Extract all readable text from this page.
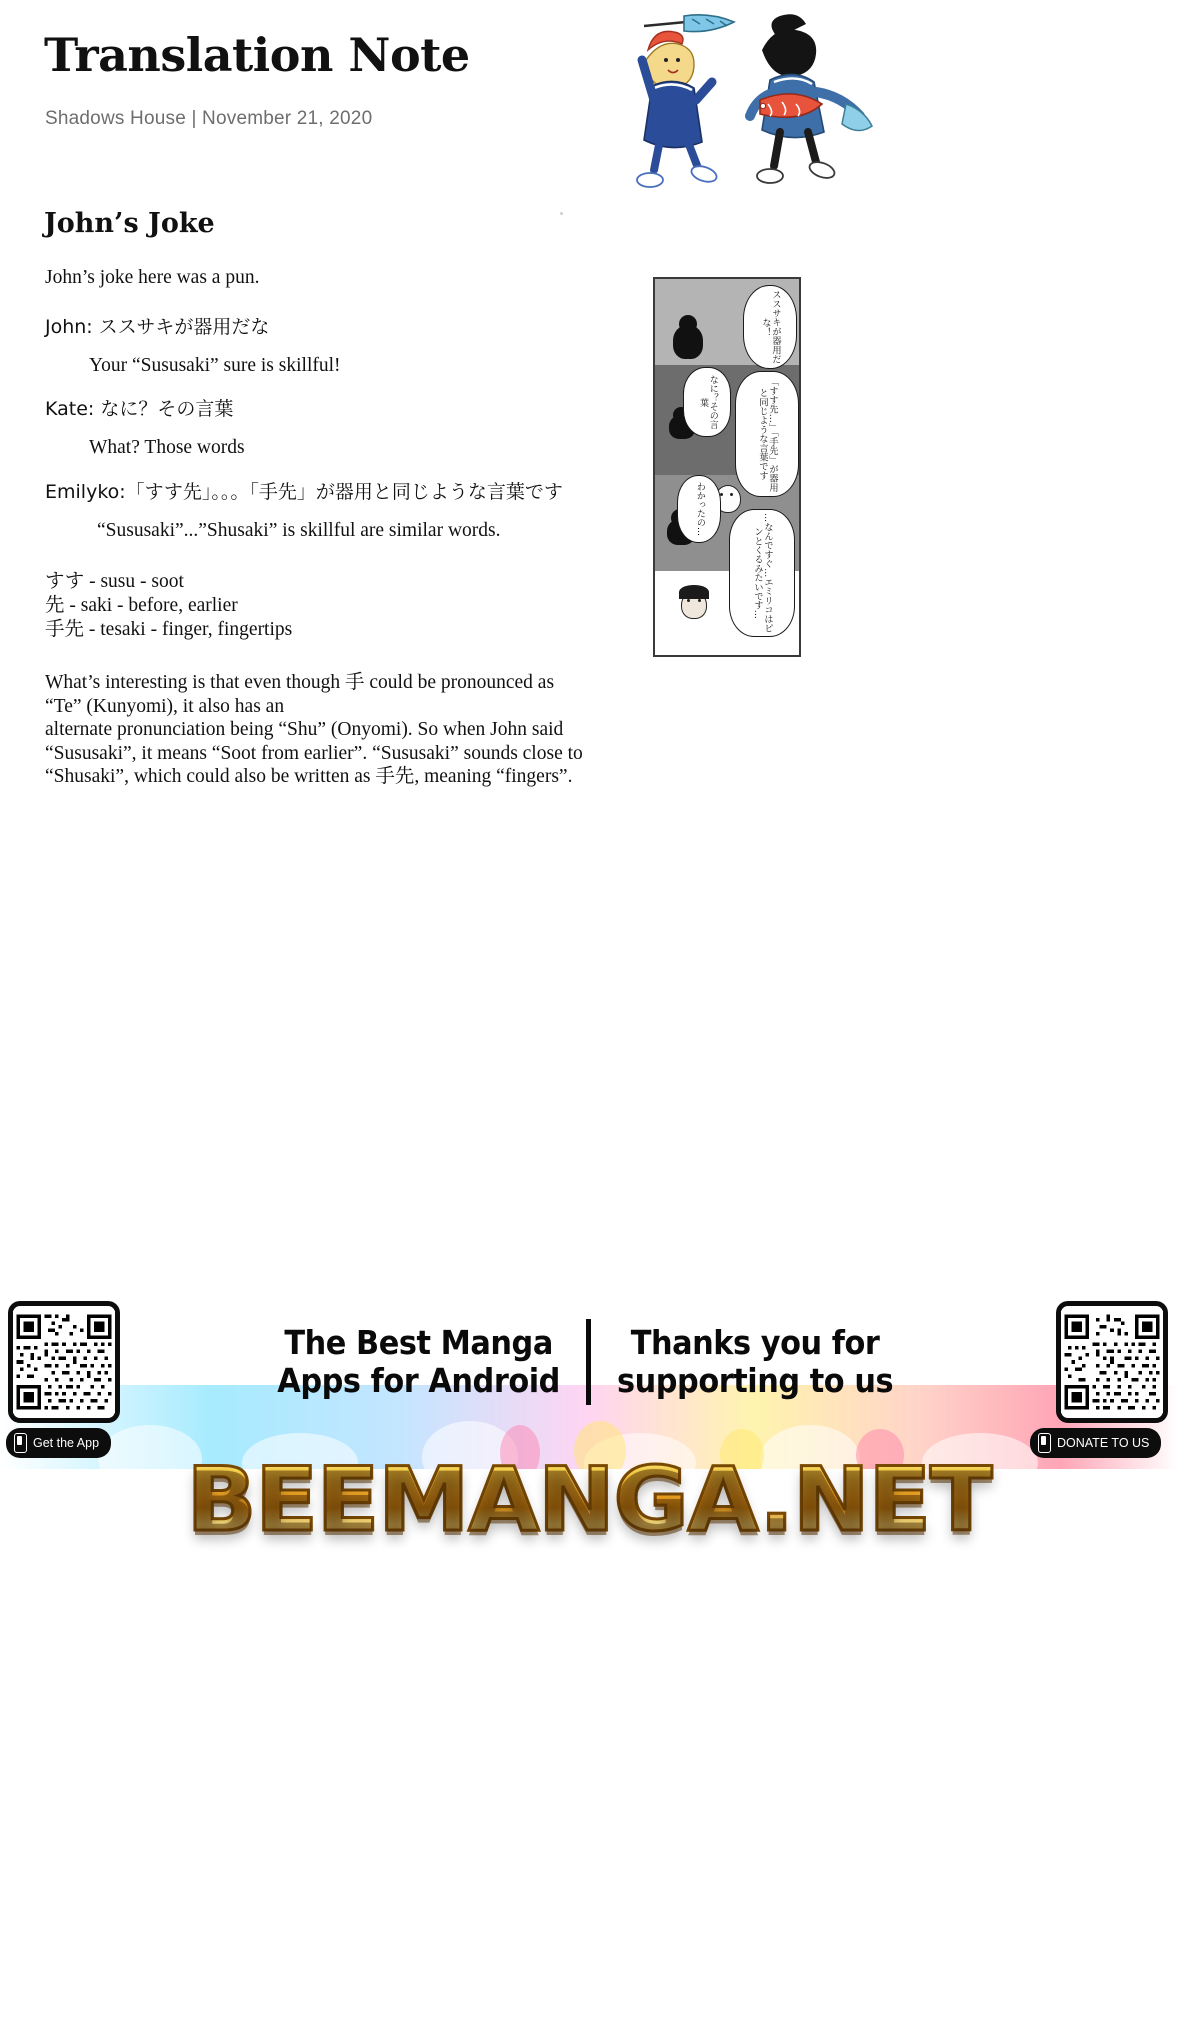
Translation Note
Shadows House | November 21, 2020
John’s Joke
John’s joke here was a pun.
John: ススサキが器用だな
Your “Sususaki” sure is skillful!
Kate: なに？その言葉
What? Those words
Emilyko:「すす先」。。。「手先」が器用と同じような言葉です
“Sususaki”...”Shusaki” is skillful are similar words.
すす - susu - soot
先 - saki - before, earlier
手先 - tesaki - finger, fingertips
What’s interesting is that even though 手 could be pronounced as
“Te” (Kunyomi), it also has an
alternate pronunciation being “Shu” (Onyomi). So when John said
“Sususaki”, it means “Soot from earlier”. “Sususaki” sounds close to
“Shusaki”, which could also be written as 手先, meaning “fingers”.
ススサキが器用だな！
なに？その言葉	「すす先…」「手先」が器用と同じような言葉です
わかったの…
…なんですぐ…エミリコはピンとくるみたいです…
The Best Manga
Apps for Android
Thanks you for
supporting to us
Get the App	DONATE TO US
BEEMANGA.NET
